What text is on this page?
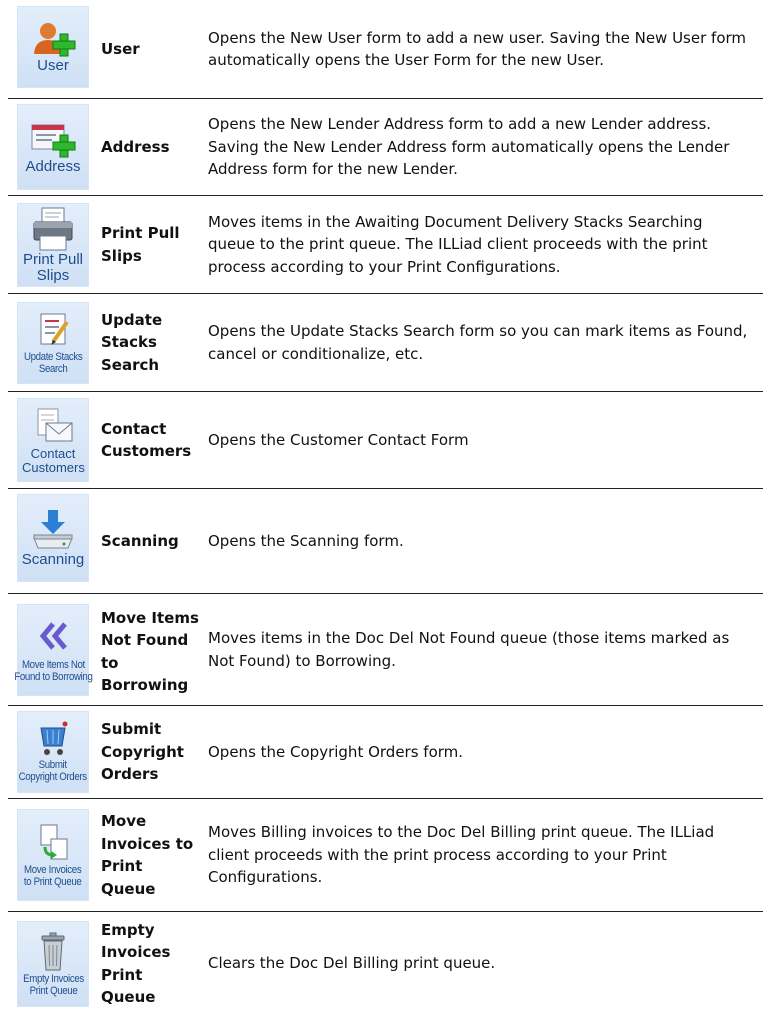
User
User
Opens the New User form to add a new user. Saving the New User form automatically opens the User Form for the new User.
Address
Address
Opens the New Lender Address form to add a new Lender address. Saving the New Lender Address form automatically opens the Lender Address form for the new Lender.
Print Pull Slips
Print Pull Slips
Moves items in the Awaiting Document Delivery Stacks Searching queue to the print queue. The ILLiad client proceeds with the print process according to your Print Configurations.
Update Stacks
Search
Update Stacks Search
Opens the Update Stacks Search form so you can mark items as Found, cancel or conditionalize, etc.
Contact Customers
Contact Customers
Opens the Customer Contact Form
Scanning
Scanning	Opens the Scanning form.
Move Items Not
Found to Borrowing
Move Items Not Found to Borrowing
Moves items in the Doc Del Not Found queue (those items marked as Not Found) to Borrowing.
Submit
Copyright Orders
Submit Copyright Orders
Opens the Copyright Orders form.
Move Invoices
to Print Queue
Move Invoices to Print Queue
Moves Billing invoices to the Doc Del Billing print queue. The ILLiad client proceeds with the print process according to your Print Configurations.
Empty Invoices
Print Queue
Empty Invoices Print Queue
Clears the Doc Del Billing print queue.
